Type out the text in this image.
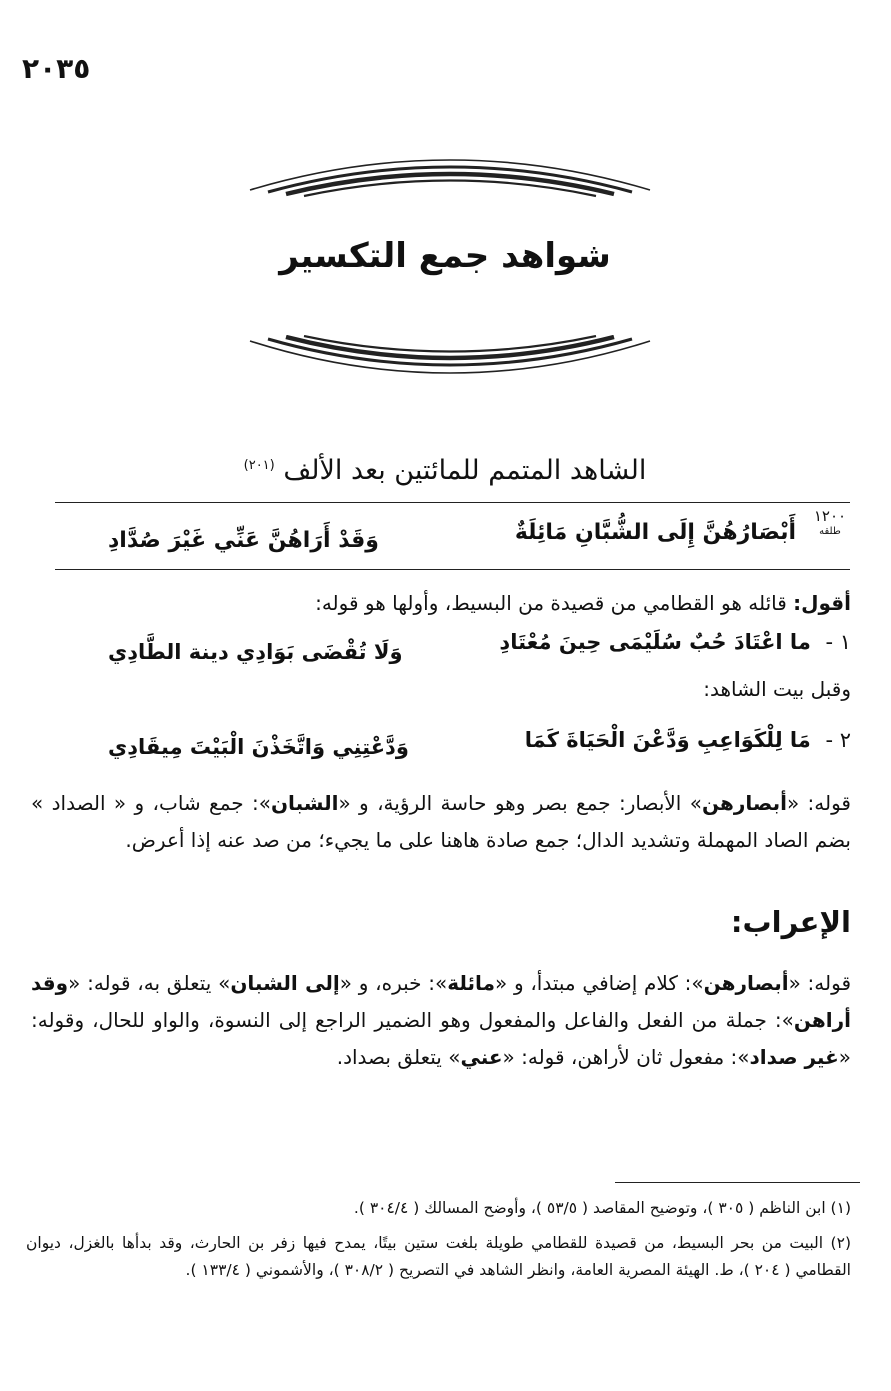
٢٠٣٥
شواهد جمع التكسير
الشاهد المتمم للمائتين بعد الألف $^{(٢٠١)}$
١٢٠٠
طلقه
أَبْصَارُهُنَّ إِلَى الشُّبَّانِ مَائِلَةٌ
وَقَدْ أَرَاهُنَّ عَنِّي غَيْرَ صُدَّادِ
أقول: قائله هو القطامي من قصيدة من البسيط، وأولها هو قوله:
١ -  ما اعْتَادَ حُبٌ سُلَيْمَى حِينَ مُعْتَادِ
وَلَا تُقْضَى بَوَادِي دينة الطَّادِي
وقبل بيت الشاهد:
٢ -  مَا لِلْكَوَاعِبِ وَدَّعْنَ الْحَيَاةَ كَمَا
وَدَّعْتِنِي وَاتَّخَذْنَ الْبَيْتَ مِيقَادِي
قوله: «أبصارهن» الأبصار: جمع بصر وهو حاسة الرؤية، و «الشبان»: جمع شاب، و « الصداد » بضم الصاد المهملة وتشديد الدال؛ جمع صادة هاهنا على ما يجيء؛ من صد عنه إذا أعرض.
الإعراب:
قوله: «أبصارهن»: كلام إضافي مبتدأ، و «مائلة»: خبره، و «إلى الشبان» يتعلق به، قوله: «وقد أراهن»: جملة من الفعل والفاعل والمفعول وهو الضمير الراجع إلى النسوة، والواو للحال، وقوله: «غير صداد»: مفعول ثان لأراهن، قوله: «عني» يتعلق بصداد.
(١) ابن الناظم ( ٣٠٥ )، وتوضيح المقاصد ( ٥٣/٥ )، وأوضح المسالك ( ٣٠٤/٤ ).
(٢) البيت من بحر البسيط، من قصيدة للقطامي طويلة بلغت ستين بيتًا، يمدح فيها زفر بن الحارث، وقد بدأها بالغزل، ديوان القطامي ( ٢٠٤ )، ط. الهيئة المصرية العامة، وانظر الشاهد في التصريح ( ٣٠٨/٢ )، والأشموني ( ١٣٣/٤ ).
